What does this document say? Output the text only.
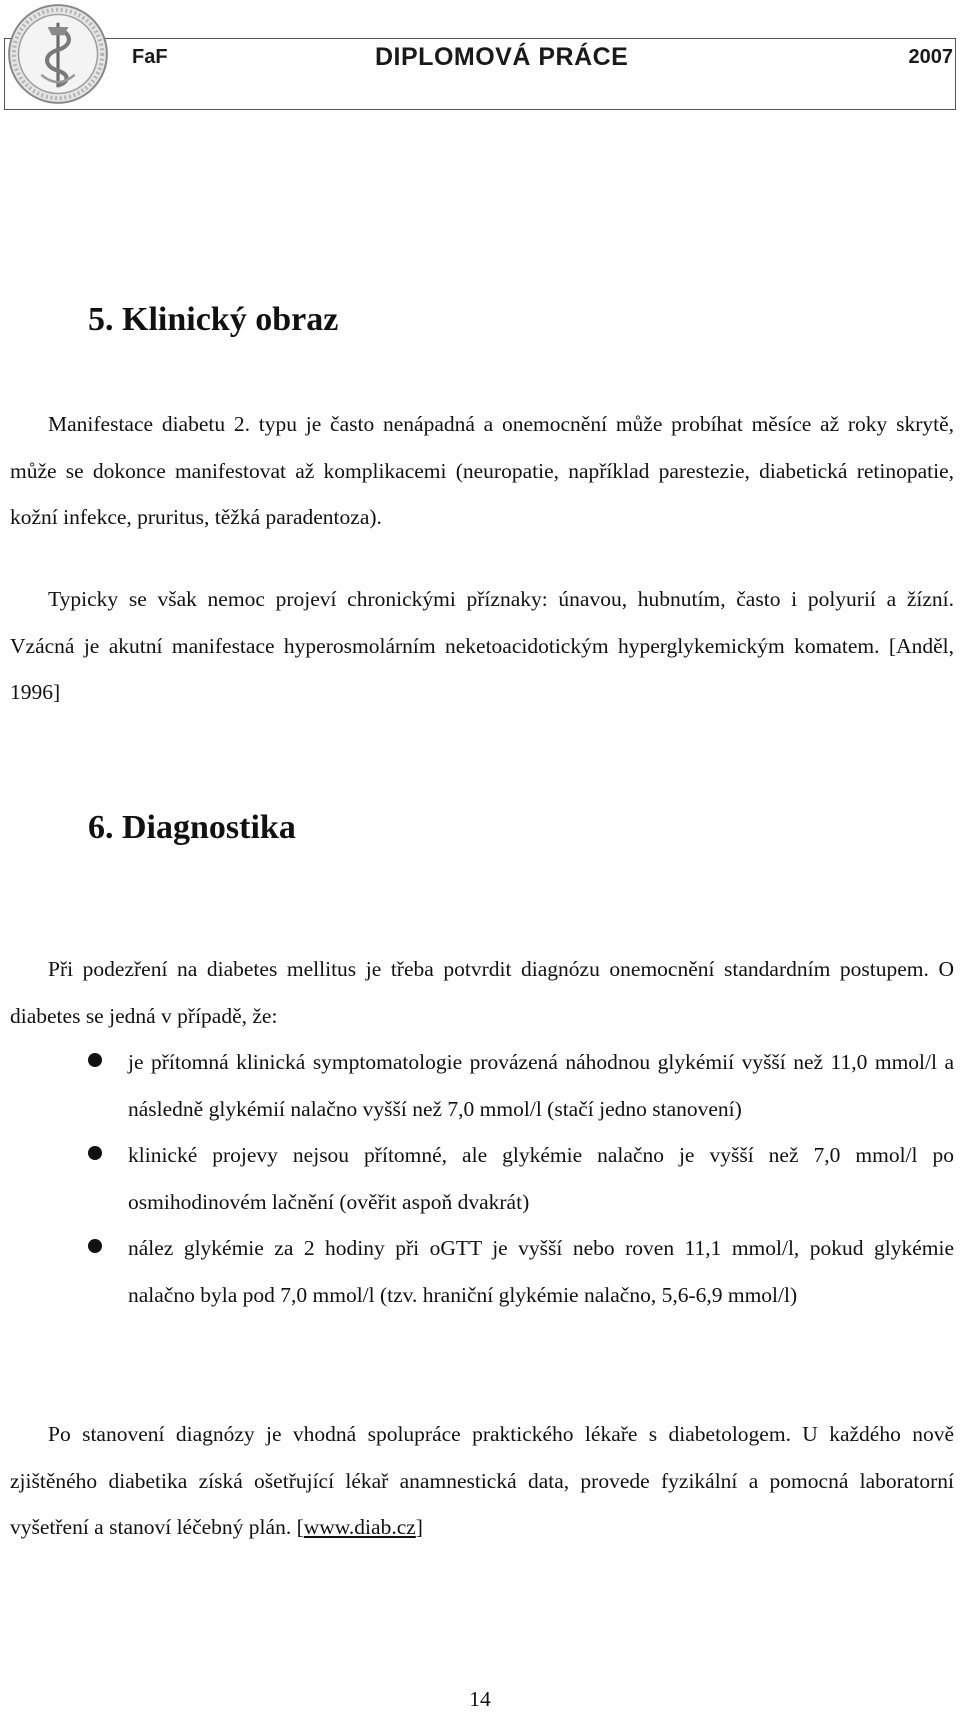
FaF	DIPLOMOVÁ PRÁCE	2007
5. Klinický obraz

Manifestace diabetu 2. typu je často nenápadná a onemocnění může probíhat měsíce až roky skrytě, může se dokonce manifestovat až komplikacemi (neuropatie, například parestezie, diabetická retinopatie, kožní infekce, pruritus, těžká paradentoza).

Typicky se však nemoc projeví chronickými příznaky: únavou, hubnutím, často i polyurií a žízní. Vzácná je akutní manifestace hyperosmolárním neketoacidotickým hyperglykemickým komatem. [Anděl, 1996]

6. Diagnostika

Při podezření na diabetes mellitus je třeba potvrdit diagnózu onemocnění standardním postupem. O diabetes se jedná v případě, že:

je přítomná klinická symptomatologie provázená náhodnou glykémií vyšší než 11,0 mmol/l a následně glykémií nalačno vyšší než 7,0 mmol/l (stačí jedno stanovení)
klinické projevy nejsou přítomné, ale glykémie nalačno je vyšší než 7,0 mmol/l po osmihodinovém lačnění (ověřit aspoň dvakrát)
nález glykémie za 2 hodiny při oGTT je vyšší nebo roven 11,1 mmol/l, pokud glykémie nalačno byla pod 7,0 mmol/l (tzv. hraniční glykémie nalačno, 5,6-6,9 mmol/l)

Po stanovení diagnózy je vhodná spolupráce praktického lékaře s diabetologem. U každého nově zjištěného diabetika získá ošetřující lékař anamnestická data, provede fyzikální a pomocná laboratorní vyšetření a stanoví léčebný plán. [www.diab.cz]

14
